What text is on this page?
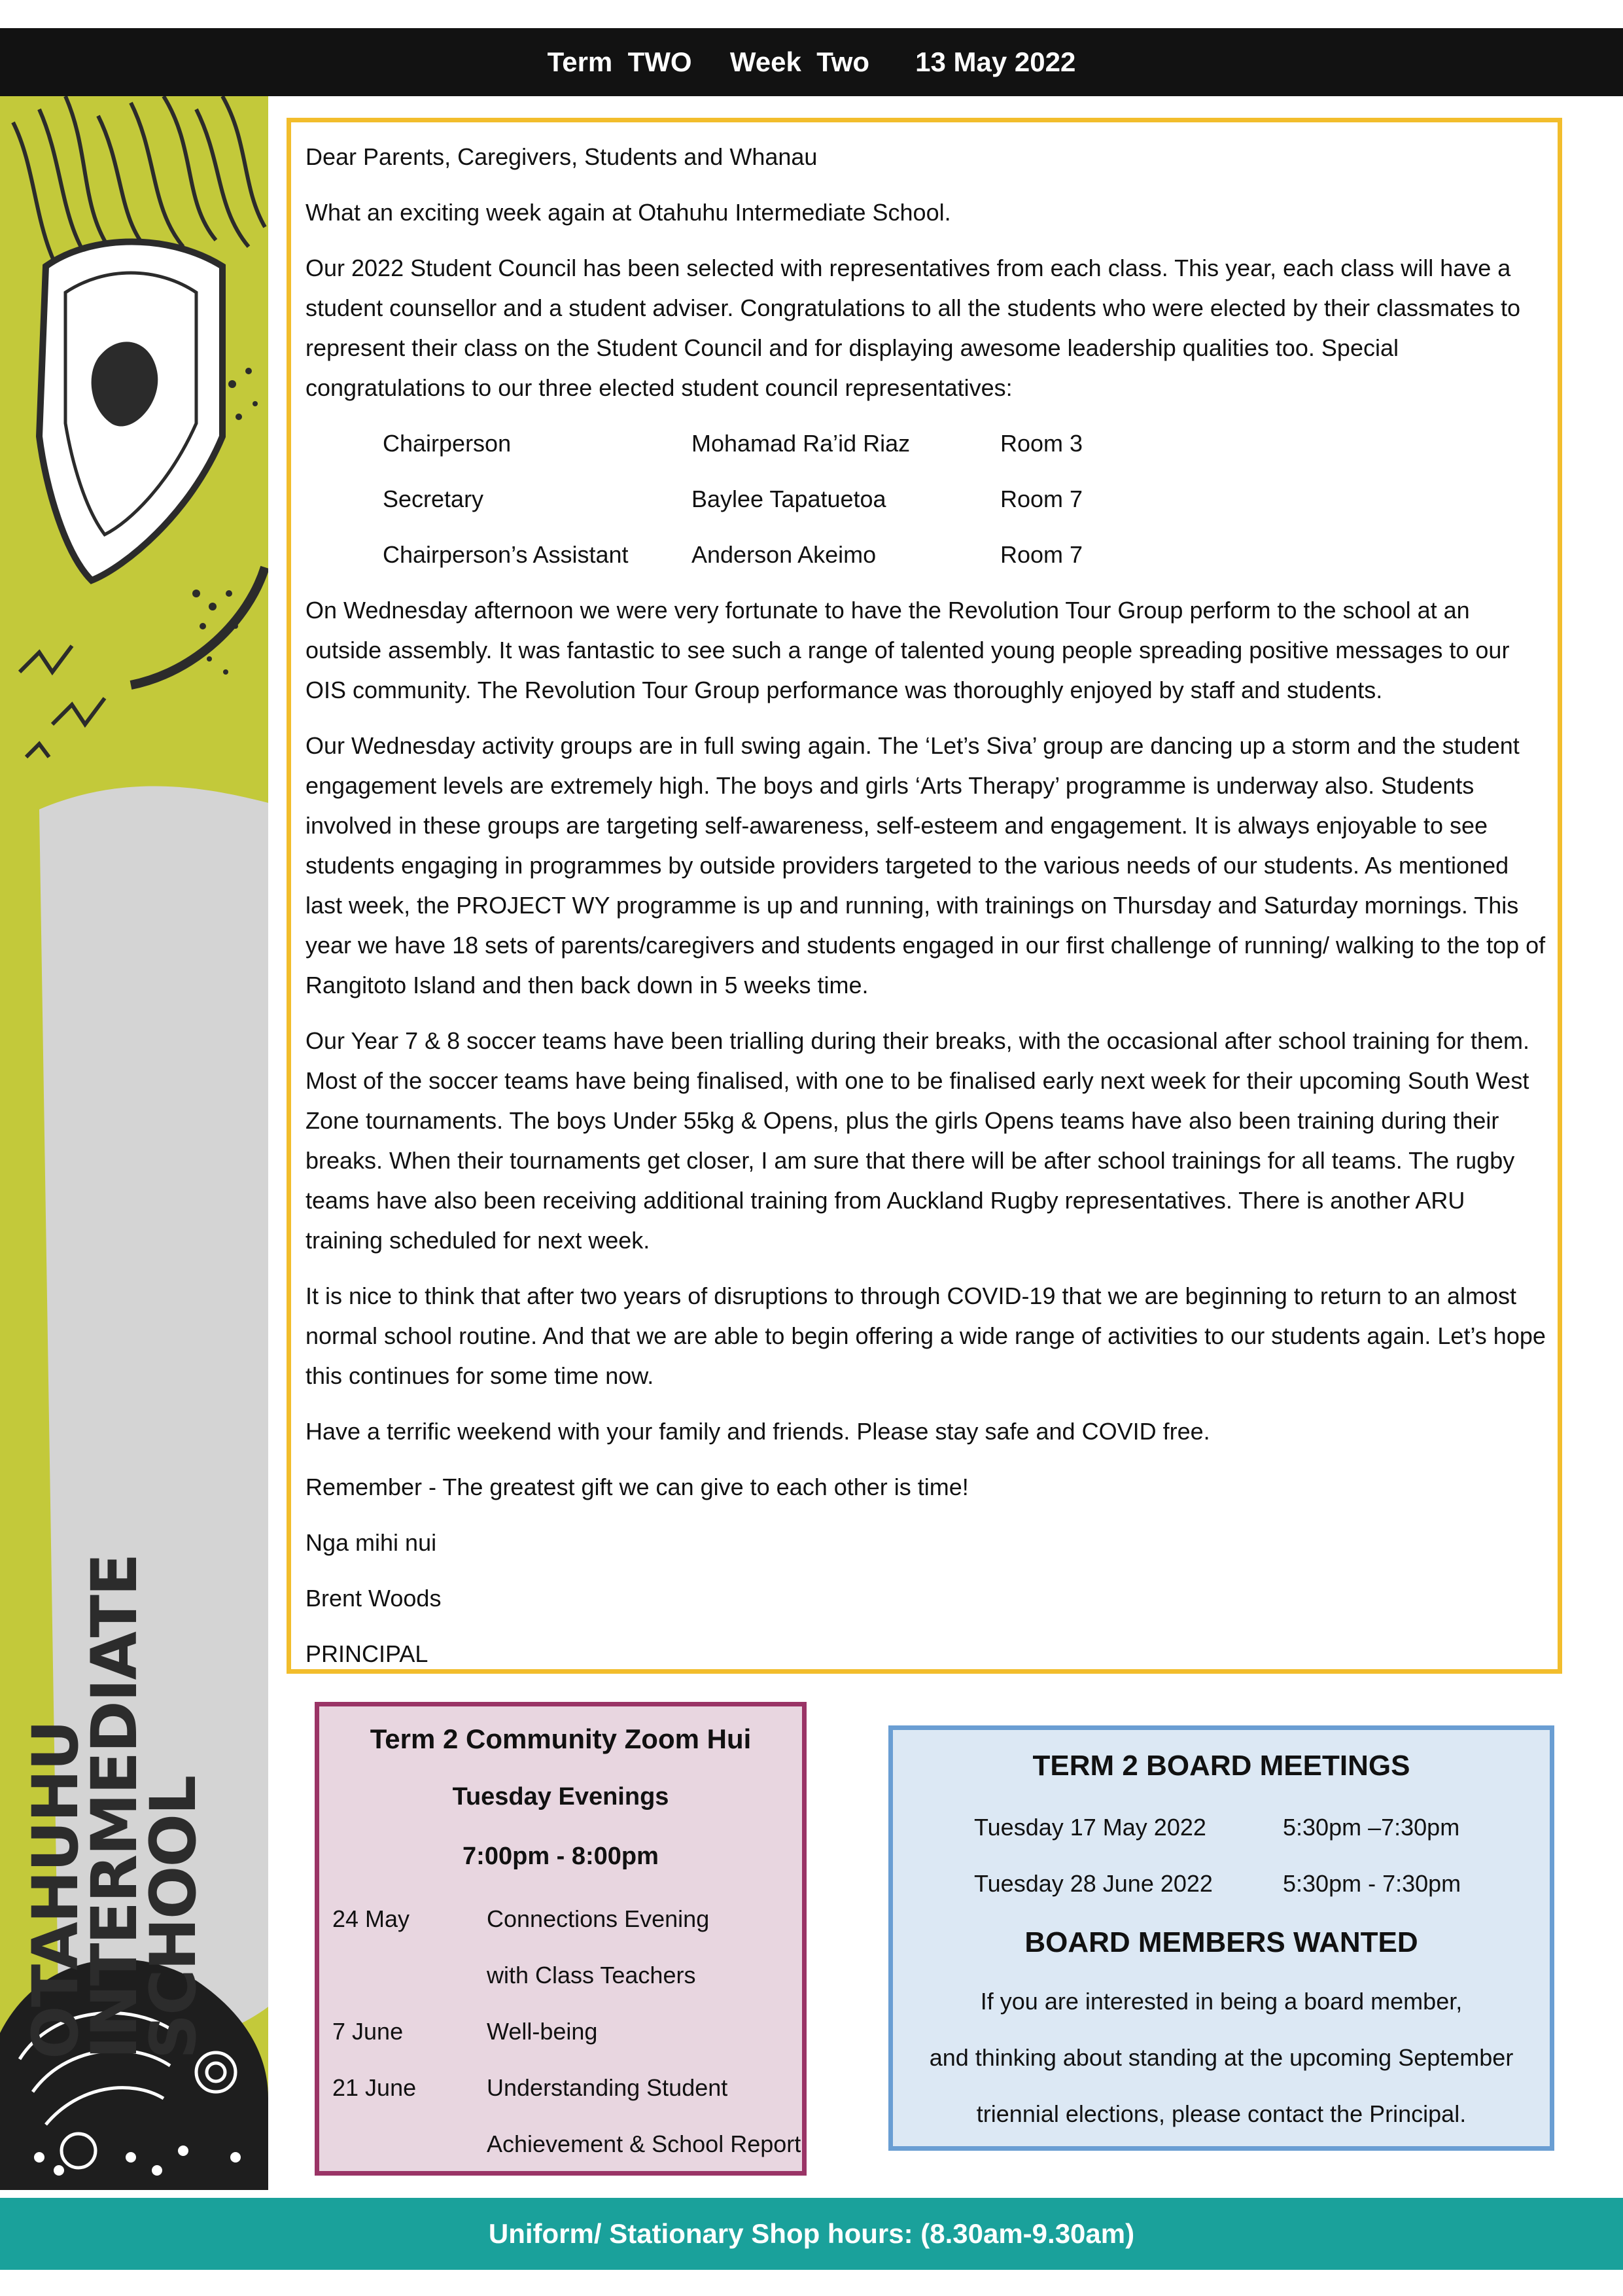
Term  TWO
Week  Two
13 May 2022
OTAHUHU
INTERMEDIATE
SCHOOL

Dear Parents, Caregivers, Students and Whanau

What an exciting week again at Otahuhu Intermediate School.

Our 2022 Student Council has been selected with representatives from each class. This year, each class will have a student counsellor and a student adviser. Congratulations to all the students who were elected by their classmates to represent their class on the Student Council and for displaying awesome leadership qualities too. Special congratulations to our three elected student council representatives:

Chairperson	Mohamad Ra’id Riaz	Room 3
Secretary	Baylee Tapatuetoa	Room 7
Chairperson’s Assistant	Anderson Akeimo	Room 7

On Wednesday afternoon we were very fortunate to have the Revolution Tour Group perform to the school at an outside assembly. It was fantastic to see such a range of talented young people spreading positive messages to our OIS community. The Revolution Tour Group performance was thoroughly enjoyed by staff and students.

Our Wednesday activity groups are in full swing again. The ‘Let’s Siva’ group are dancing up a storm and the student engagement levels are extremely high. The boys and girls ‘Arts Therapy’ programme is underway also. Students involved in these groups are targeting self-awareness, self-esteem and engagement. It is always enjoyable to see students engaging in programmes by outside providers targeted to the various needs of our students. As mentioned last week, the PROJECT WY programme is up and running, with trainings on Thursday and Saturday mornings. This year we have 18 sets of parents/caregivers and students engaged in our first challenge of running/ walking to the top of Rangitoto Island and then back down in 5 weeks time.

Our Year 7 & 8 soccer teams have been trialling during their breaks, with the occasional after school training for them. Most of the soccer teams have being finalised, with one to be finalised early next week for their upcoming South West Zone tournaments. The boys Under 55kg & Opens, plus the girls Opens teams have also been training during their breaks. When their tournaments get closer, I am sure that there will be after school trainings for all teams. The rugby teams have also been receiving additional training from Auckland Rugby representatives. There is another ARU training scheduled for next week.

It is nice to think that after two years of disruptions to through COVID-19 that we are beginning to return to an almost normal school routine. And that we are able to begin offering a wide range of activities to our students again. Let’s hope this continues for some time now.

Have a terrific weekend with your family and friends. Please stay safe and COVID free.

Remember - The greatest gift we can give to each other is time!

Nga mihi nui

Brent Woods

PRINCIPAL

Term 2 Community Zoom Hui
Tuesday Evenings
7:00pm - 8:00pm
24 May	Connections Evening
with Class Teachers
7 June	Well-being
21 June	Understanding Student
Achievement & School Report
TERM 2 BOARD MEETINGS
Tuesday 17 May 2022	5:30pm –7:30pm
Tuesday 28 June 2022	5:30pm - 7:30pm
BOARD MEMBERS WANTED
If you are interested in being a board member,
and thinking about standing at the upcoming September
triennial elections, please contact the Principal.
Uniform/ Stationary Shop hours: (8.30am-9.30am)
